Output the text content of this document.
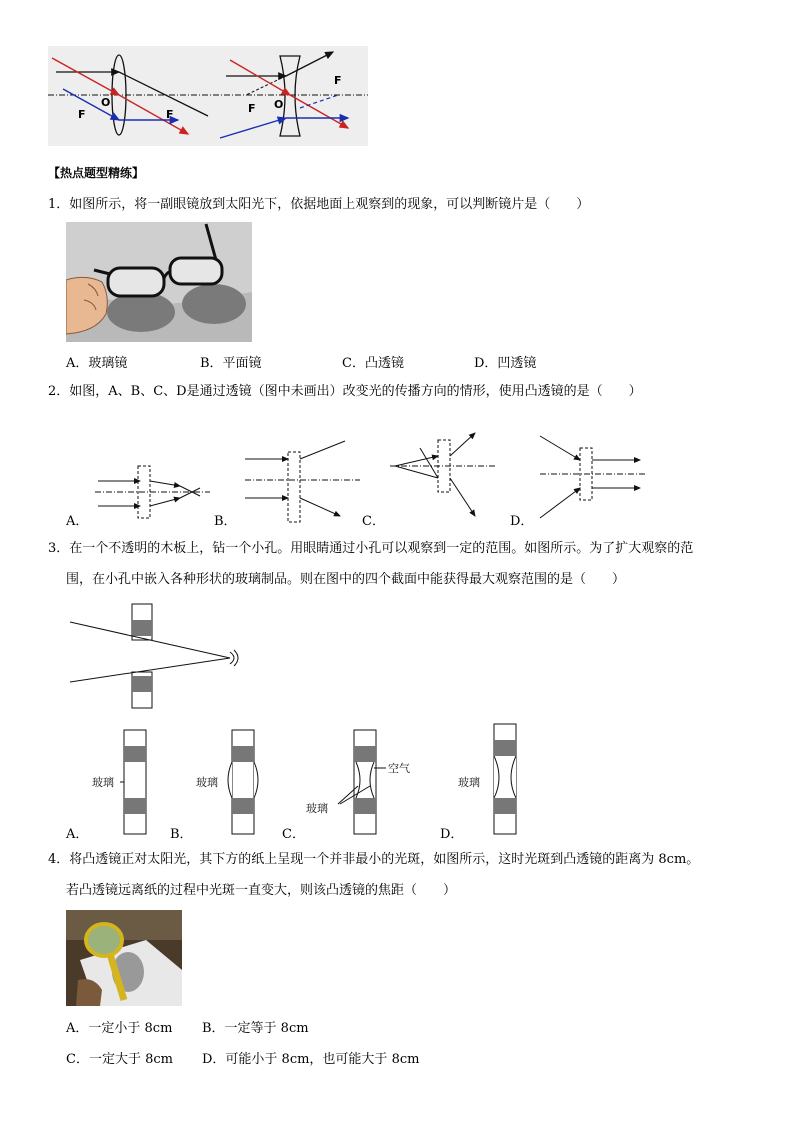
F
O
F	F O
F
【热点题型精练】
1．如图所示，将一副眼镜放到太阳光下，依据地面上观察到的现象，可以判断镜片是（　　）
A．玻璃镜	B．平面镜	C．凸透镜	D．凹透镜
2．如图，A、B、C、D是通过透镜（图中未画出）改变光的传播方向的情形，使用凸透镜的是（　　）
A．	B．	C．	D．
3．在一个不透明的木板上，钻一个小孔。用眼睛通过小孔可以观察到一定的范围。如图所示。为了扩大观察的范
围，在小孔中嵌入各种形状的玻璃制品。则在图中的四个截面中能获得最大观察范围的是（　　）
玻璃	玻璃
空气
玻璃
玻璃
A．	B．	C．	D．
4．将凸透镜正对太阳光，其下方的纸上呈现一个并非最小的光斑，如图所示，这时光斑到凸透镜的距离为 8cm。
若凸透镜远离纸的过程中光斑一直变大，则该凸透镜的焦距（　　）
A．一定小于 8cm B．一定等于 8cm
C．一定大于 8cm D．可能小于 8cm，也可能大于 8cm
